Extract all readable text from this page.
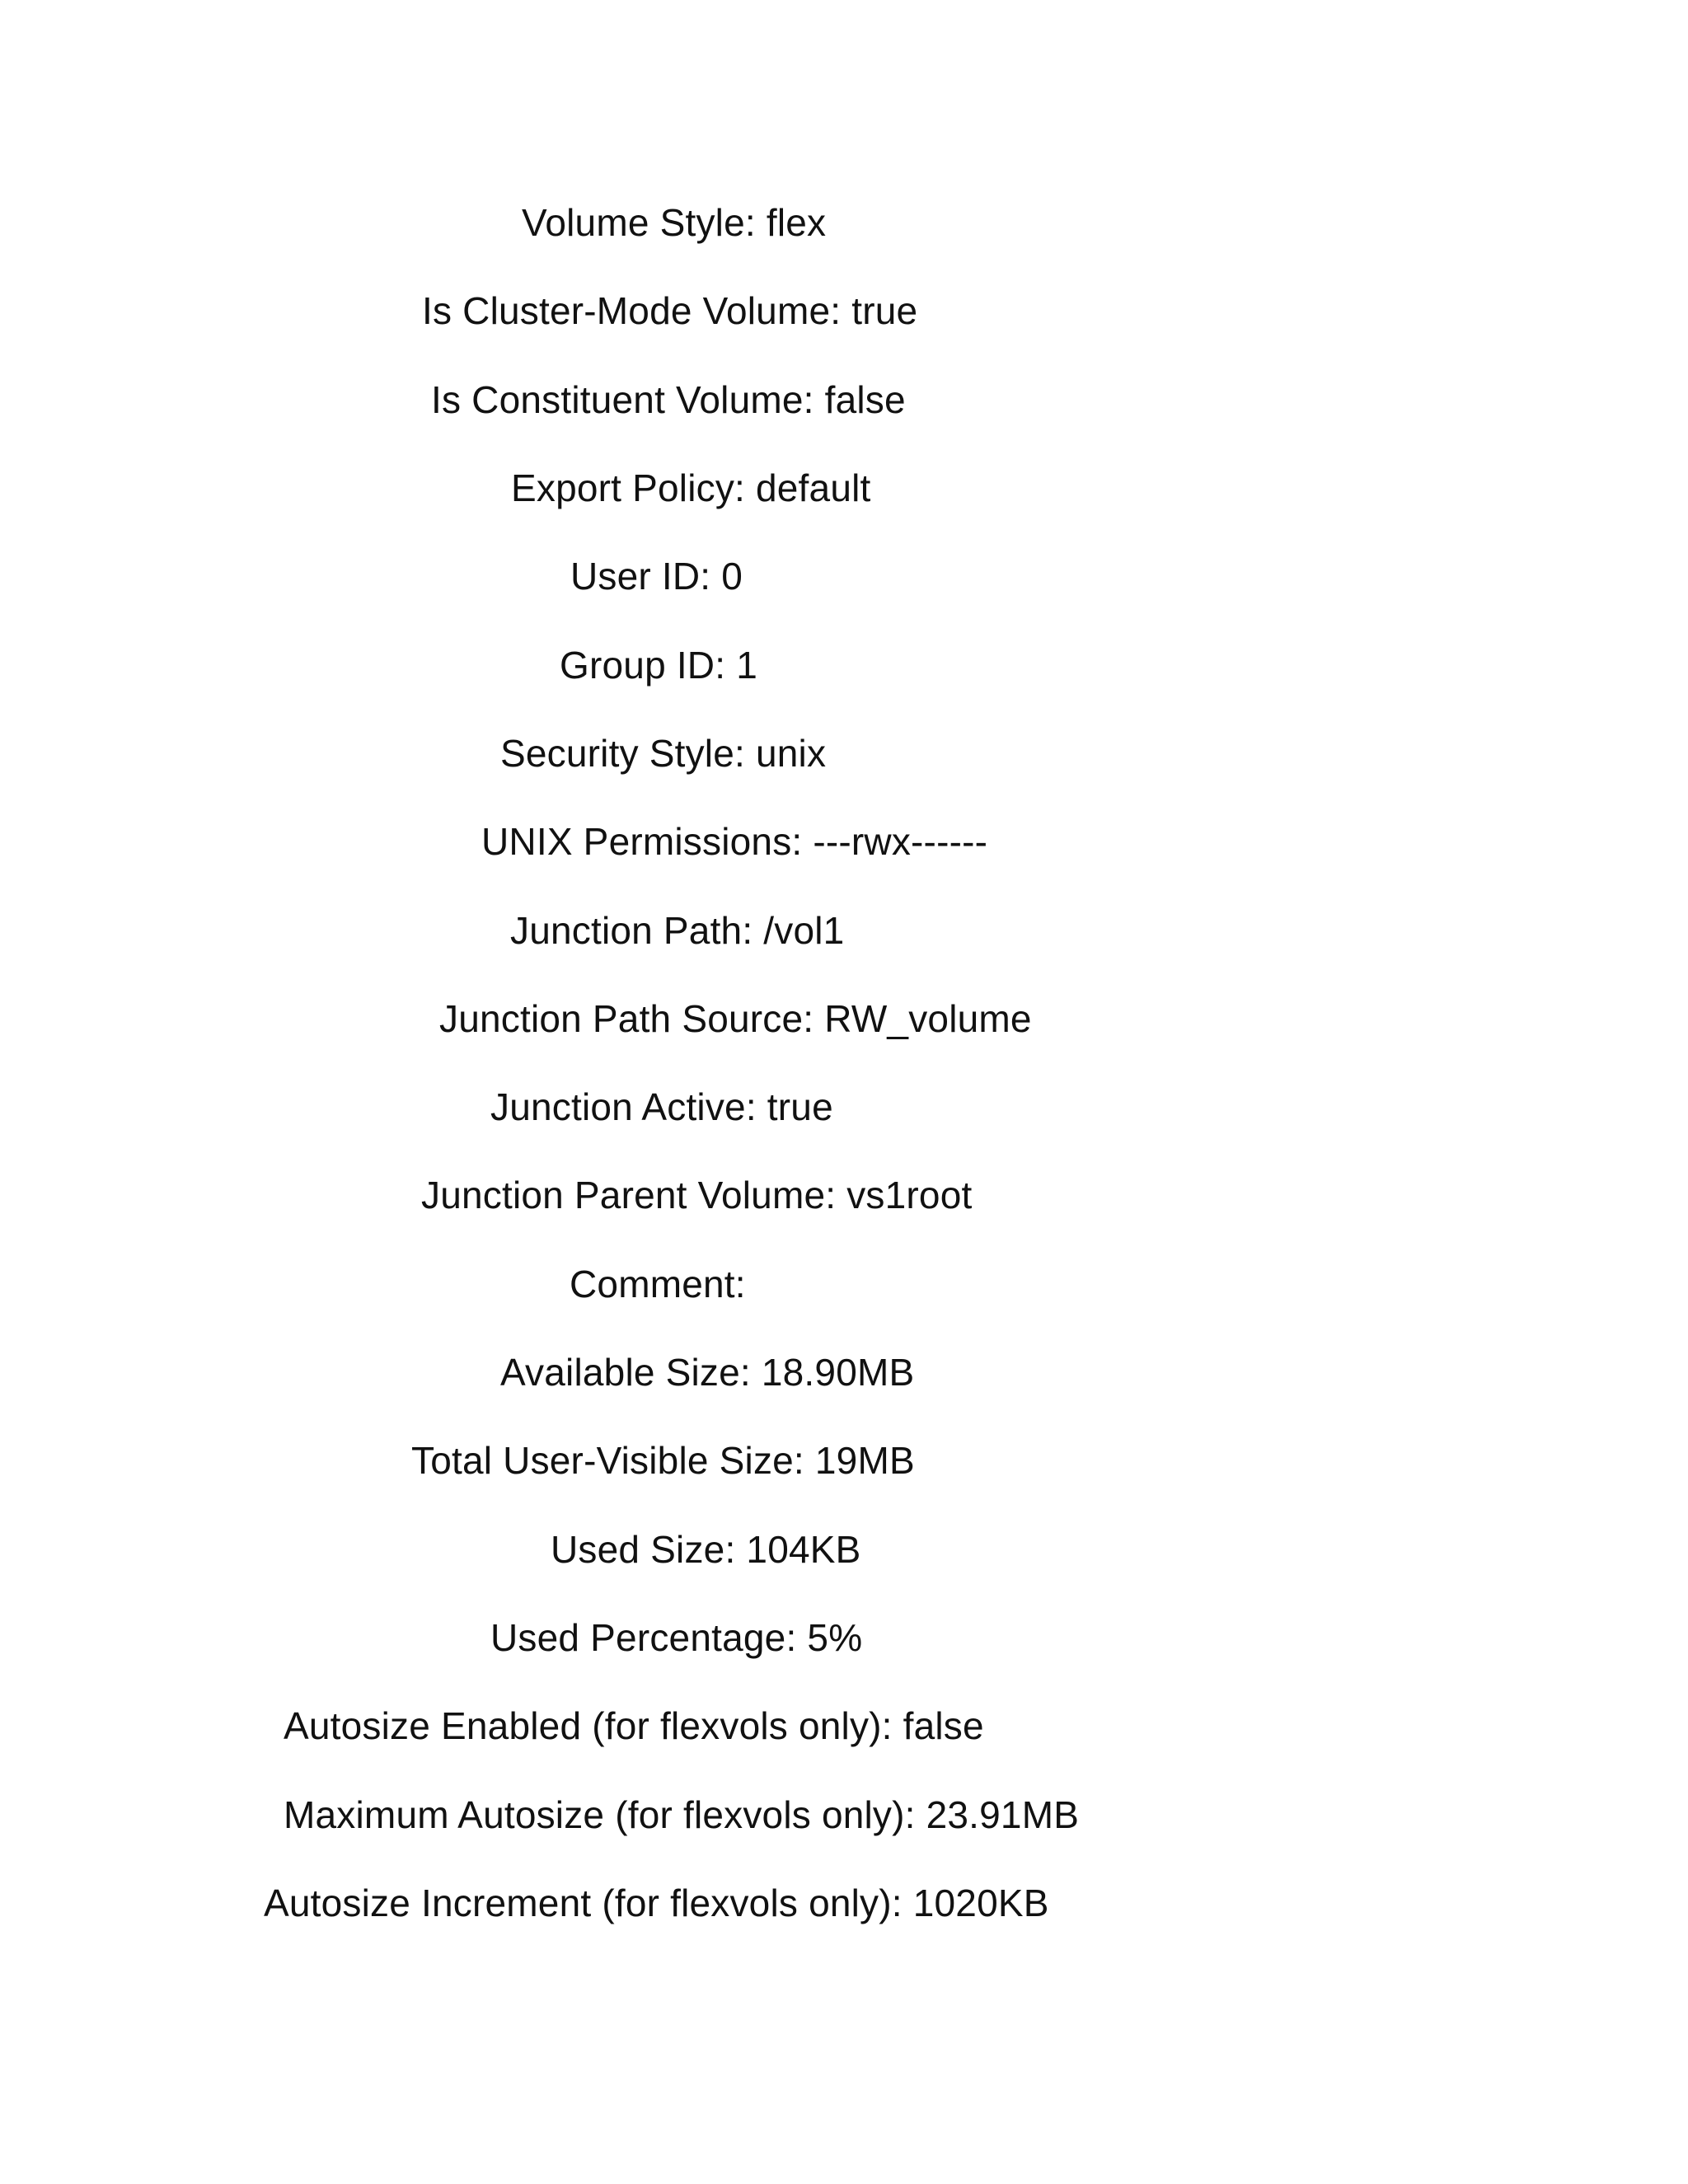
Volume Style: flex
Is Cluster-Mode Volume: true
Is Constituent Volume: false
Export Policy: default
User ID: 0
Group ID: 1
Security Style: unix
UNIX Permissions: ---rwx------
Junction Path: /vol1
Junction Path Source: RW_volume
Junction Active: true
Junction Parent Volume: vs1root
Comment:
Available Size: 18.90MB
Total User-Visible Size: 19MB
Used Size: 104KB
Used Percentage: 5%
Autosize Enabled (for flexvols only): false
Maximum Autosize (for flexvols only): 23.91MB
Autosize Increment (for flexvols only): 1020KB
